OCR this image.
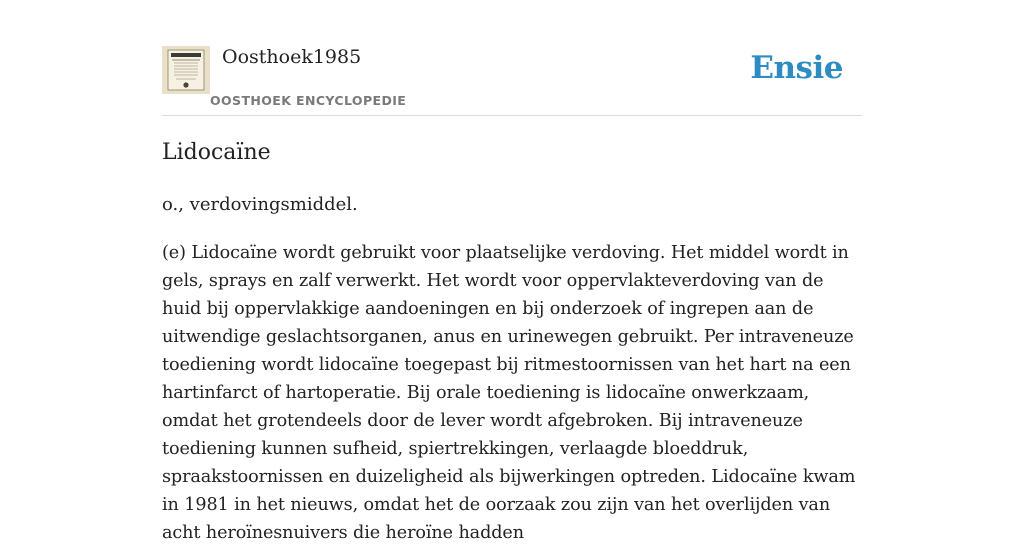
Oosthoek1985
OOSTHOEK ENCYCLOPEDIE
Ensie
Lidocaïne

o., verdovingsmiddel.

(e) Lidocaïne wordt gebruikt voor plaatselijke verdoving. Het middel wordt in gels, sprays en zalf verwerkt. Het wordt voor oppervlakteverdoving van de huid bij oppervlakkige aandoeningen en bij onderzoek of ingrepen aan de uitwendige geslachtsorganen, anus en urinewegen gebruikt. Per intraveneuze toediening wordt lidocaïne toegepast bij ritmestoornissen van het hart na een hartinfarct of hartoperatie. Bij orale toediening is lidocaïne onwerkzaam, omdat het grotendeels door de lever wordt afgebroken. Bij intraveneuze toediening kunnen sufheid, spiertrekkingen, verlaagde bloeddruk, spraakstoornissen en duizeligheid als bijwerkingen optreden. Lidocaïne kwam in 1981 in het nieuws, omdat het de oorzaak zou zijn van het overlijden van acht heroïnesnuivers die heroïne hadden
